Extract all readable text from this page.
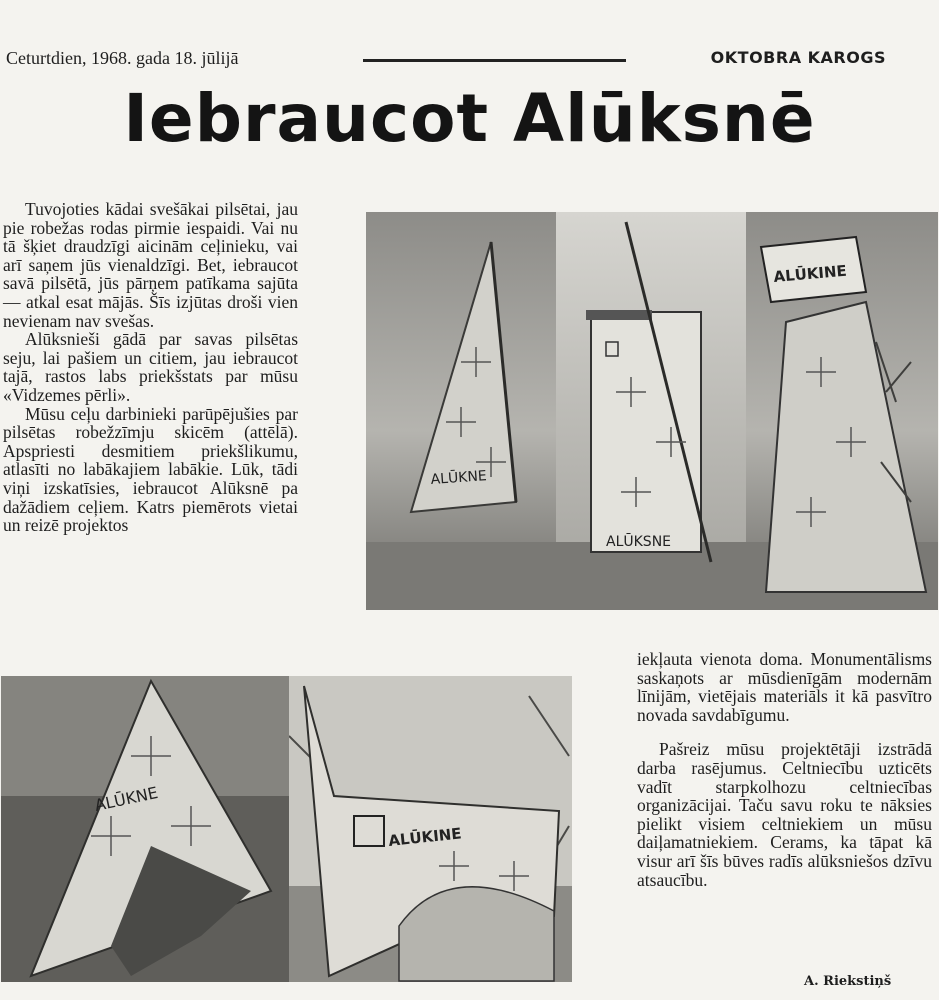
Ceturtdien, 1968. gada 18. jūlijā	OKTOBRA KAROGS
Iebraucot Alūksnē

Tuvojoties kādai svešākai pilsētai, jau pie robežas rodas pirmie iespaidi. Vai nu tā šķiet draudzīgi aicinām ceļinieku, vai arī saņem jūs vienaldzīgi. Bet, iebraucot savā pilsētā, jūs pārņem patīkama sajūta — atkal esat mājās. Šīs izjūtas droši vien nevienam nav svešas.

Alūksnieši gādā par savas pilsētas seju, lai pašiem un citiem, jau iebraucot tajā, rastos labs priekšstats par mūsu «Vidzemes pērli».

Mūsu ceļu darbinieki parūpējušies par pilsētas robežzīmju skicēm (attēlā). Apspriesti desmitiem priekšlikumu, atlasīti no labākajiem labākie. Lūk, tādi viņi izskatīsies, iebraucot Alūksnē pa dažādiem ceļiem. Katrs piemērots vietai un reizē projektos

ALŪKNE
ALŪKSNE
ALŪKINE
ALŪKNE
ALŪKINE

iekļauta vienota doma. Monumentālisms saskaņots ar mūsdienīgām modernām līnijām, vietējais materiāls it kā pasvītro novada savdabīgumu.

Pašreiz mūsu projektētāji izstrādā darba rasējumus. Celtniecību uzticēts vadīt starpkolhozu celtniecības organizācijai. Taču savu roku te nāksies pielikt visiem celtniekiem un mūsu daiļamatniekiem. Cerams, ka tāpat kā visur arī šīs būves radīs alūksniešos dzīvu atsaucību.

A. Riekstiņš
